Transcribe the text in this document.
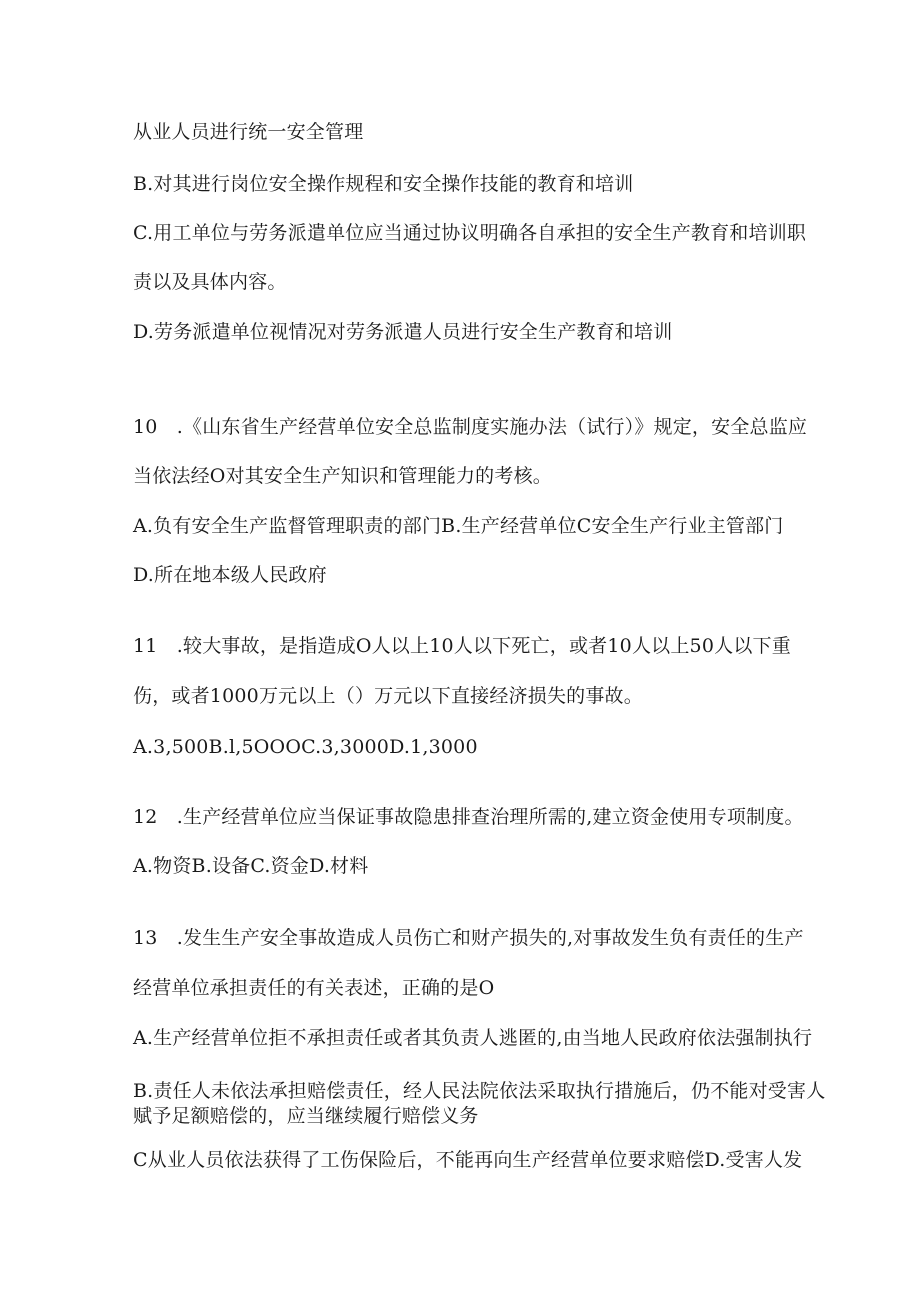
从业人员进行统一安全管理
B.对其进行岗位安全操作规程和安全操作技能的教育和培训
C.用工单位与劳务派遣单位应当通过协议明确各自承担的安全生产教育和培训职
责以及具体内容。
D.劳务派遣单位视情况对劳务派遣人员进行安全生产教育和培训
10　.《山东省生产经营单位安全总监制度实施办法（试行）》规定，安全总监应
当依法经O对其安全生产知识和管理能力的考核。
A.负有安全生产监督管理职责的部门B.生产经营单位C安全生产行业主管部门
D.所在地本级人民政府
11　.较大事故，是指造成O人以上10人以下死亡，或者10人以上50人以下重
伤，或者1000万元以上（）万元以下直接经济损失的事故。
A.3,500B.l,5OOOC.3,3000D.1,3000
12　.生产经营单位应当保证事故隐患排查治理所需的,建立资金使用专项制度。
A.物资B.设备C.资金D.材料
13　.发生生产安全事故造成人员伤亡和财产损失的,对事故发生负有责任的生产
经营单位承担责任的有关表述，正确的是O
A.生产经营单位拒不承担责任或者其负责人逃匿的,由当地人民政府依法强制执行
B.责任人未依法承担赔偿责任，经人民法院依法采取执行措施后，仍不能对受害人
赋予足额赔偿的，应当继续履行赔偿义务
C从业人员依法获得了工伤保险后，不能再向生产经营单位要求赔偿D.受害人发
